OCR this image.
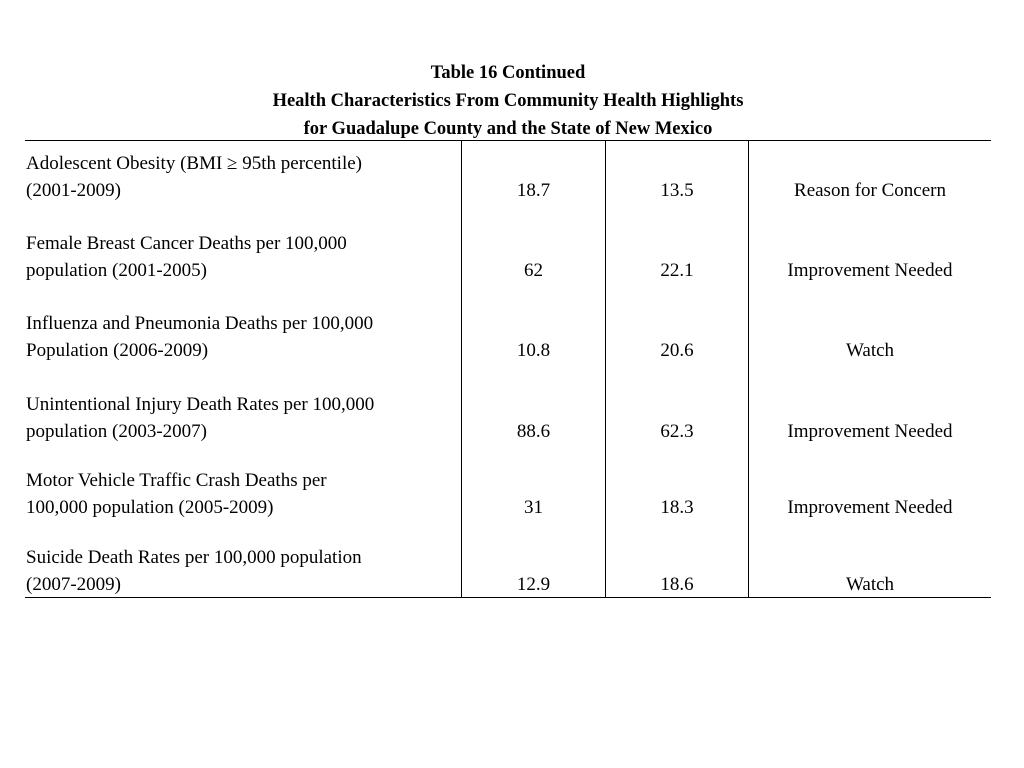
Table 16 Continued
Health Characteristics From Community Health Highlights
for Guadalupe County and the State of New Mexico
Adolescent Obesity (BMI ≥ 95th percentile)
(2001-2009)	18.7	13.5	Reason for Concern
Female Breast Cancer Deaths per 100,000
population (2001-2005)	62	22.1	Improvement Needed
Influenza and Pneumonia Deaths per 100,000
Population (2006-2009)	10.8	20.6	Watch
Unintentional Injury Death Rates per 100,000
population (2003-2007)	88.6	62.3	Improvement Needed
Motor Vehicle Traffic Crash Deaths per
100,000 population (2005-2009)	31	18.3	Improvement Needed
Suicide Death Rates per 100,000 population
(2007-2009)	12.9	18.6	Watch
